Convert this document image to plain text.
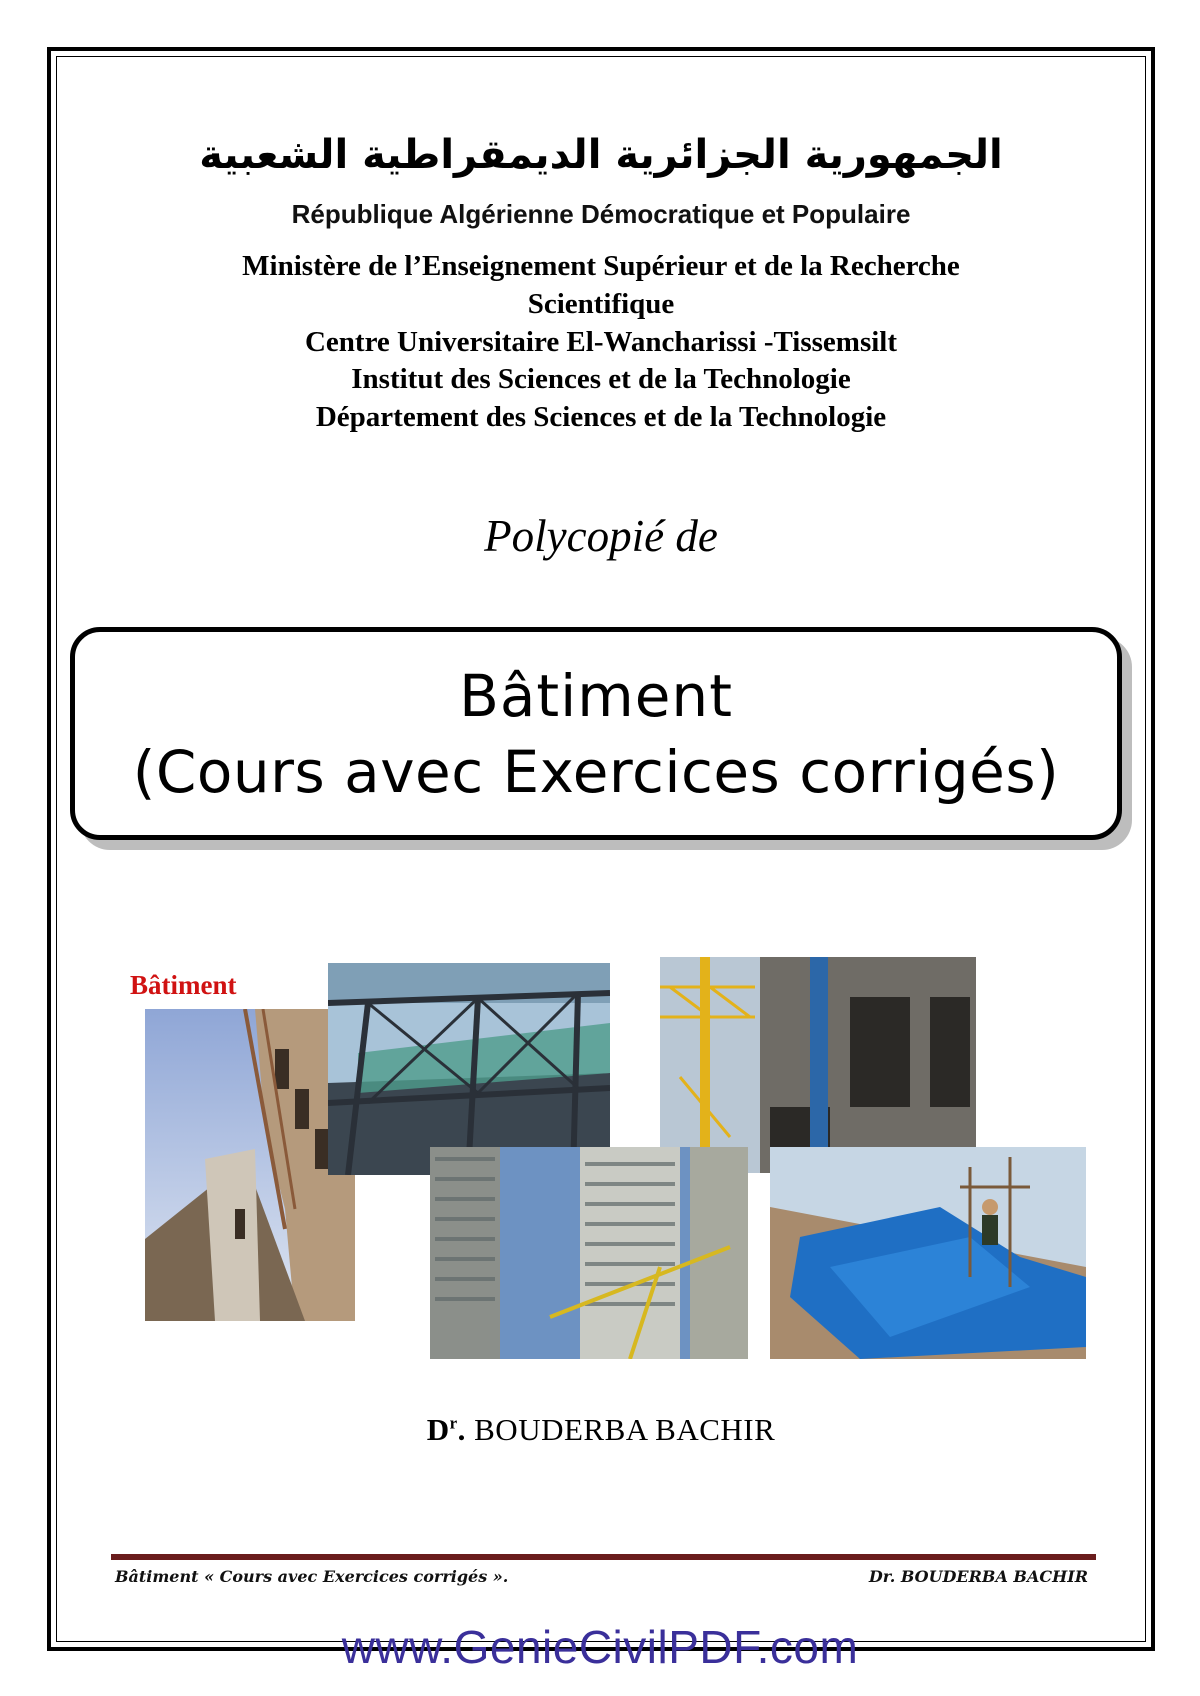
الجمهورية الجزائرية الديمقراطية الشعبية
République Algérienne Démocratique et Populaire
Ministère de l’Enseignement Supérieur et de la Recherche
Scientifique
Centre Universitaire El-Wancharissi -Tissemsilt
Institut des Sciences et de la Technologie
Département des Sciences et de la Technologie
Polycopié de
Bâtiment
(Cours avec Exercices corrigés)
Bâtiment
$D^r$. BOUDERBA BACHIR
Bâtiment « Cours avec Exercices corrigés ».	Dr. BOUDERBA BACHIR
www.GenieCivilPDF.com
